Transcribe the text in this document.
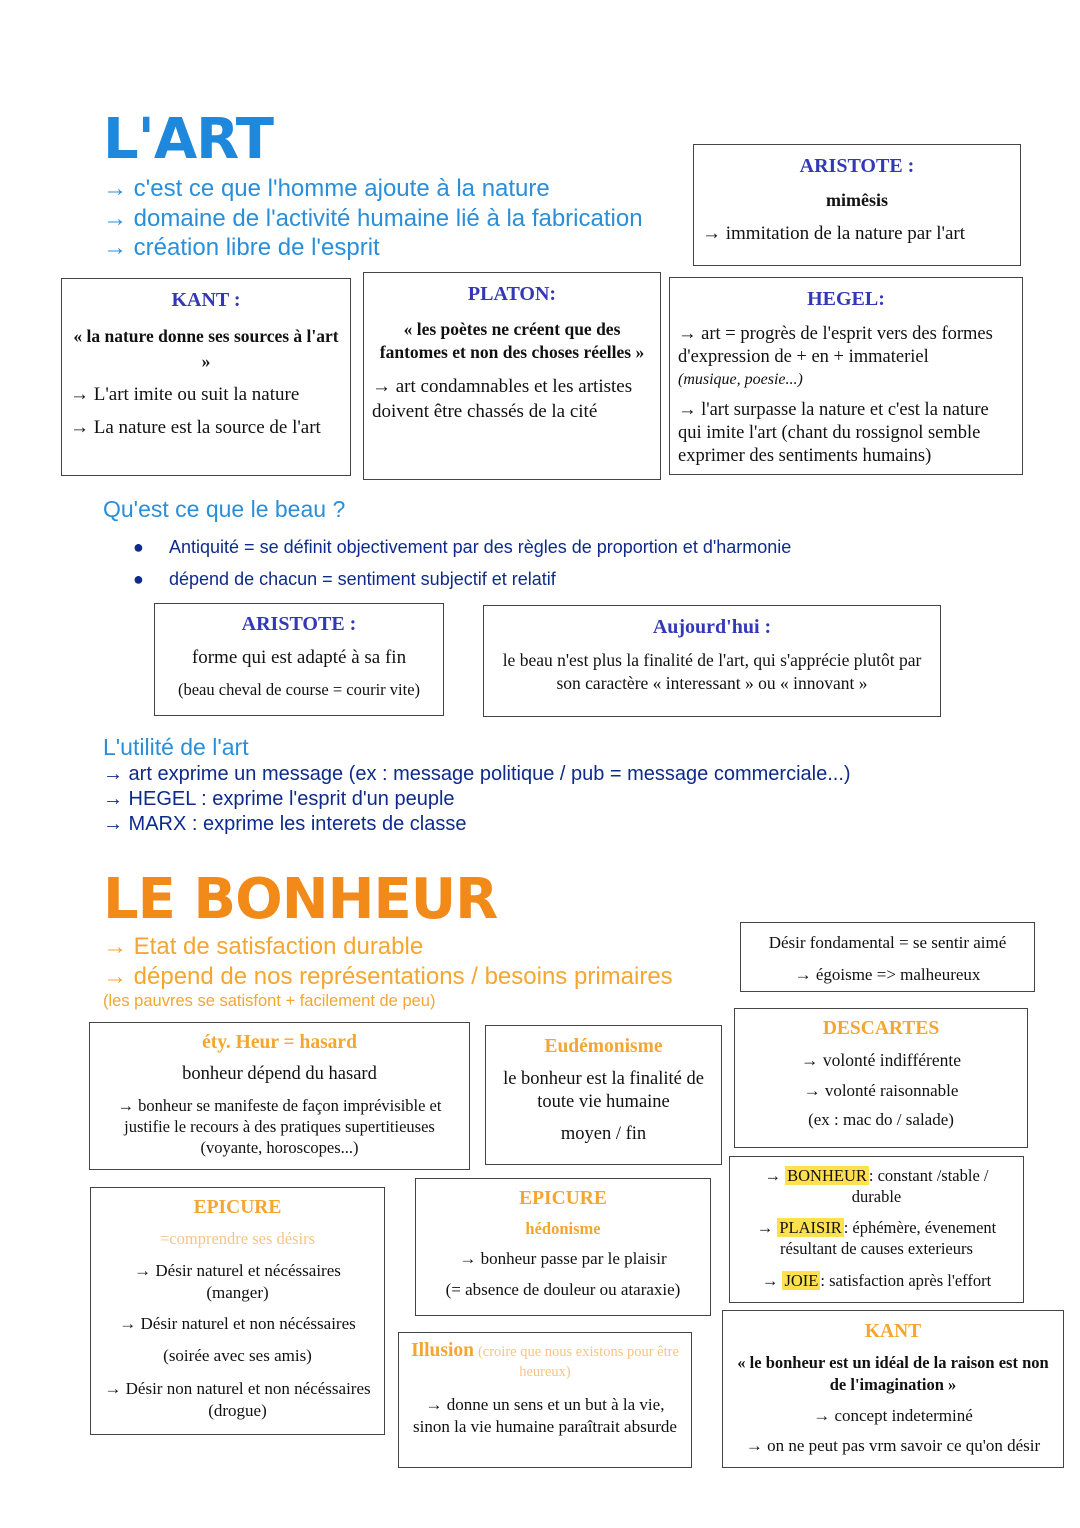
L'ART
→ c'est ce que l'homme ajoute à la nature
→ domaine de l'activité humaine lié à la fabrication
→ création libre de l'esprit
ARISTOTE :
mimêsis
→ immitation de la nature par l'art
KANT :
« la nature donne ses sources à l'art »
→ L'art imite ou suit la nature
→ La nature est la source de l'art
PLATON:
« les poètes ne créent que des fantomes et non des choses réelles »
→ art condamnables et les artistes doivent être chassés de la cité
HEGEL:
→ art = progrès de l'esprit vers des formes d'expression de + en + immateriel
(musique, poesie...)
→ l'art surpasse la nature et c'est la nature qui imite l'art (chant du rossignol semble exprimer des sentiments humains)
Qu'est ce que le beau ?
● Antiquité = se définit objectivement par des règles de proportion et d'harmonie
● dépend de chacun = sentiment subjectif et relatif
ARISTOTE :
forme qui est adapté à sa fin
(beau cheval de course = courir vite)
Aujourd'hui :
le beau n'est plus la finalité de l'art, qui s'apprécie plutôt par son caractère « interessant » ou « innovant »
L'utilité de l'art
→ art exprime un message (ex : message politique / pub = message commerciale...)
→ HEGEL : exprime l'esprit d'un peuple
→ MARX : exprime les interets de classe
LE BONHEUR
→ Etat de satisfaction durable
→ dépend de nos représentations / besoins primaires
(les pauvres se satisfont + facilement de peu)
Désir fondamental = se sentir aimé
→ égoisme => malheureux
éty. Heur = hasard
bonheur dépend du hasard
→ bonheur se manifeste de façon imprévisible et justifie le recours à des pratiques supertitieuses (voyante, horoscopes...)
Eudémonisme
le bonheur est la finalité de toute vie humaine
moyen / fin
DESCARTES
→ volonté indifférente
→ volonté raisonnable
(ex : mac do / salade)
→ BONHEUR : constant /stable / durable
→ PLAISIR : éphémère, évenement résultant de causes exterieurs
→ JOIE : satisfaction après l'effort
EPICURE
=comprendre ses désirs
→ Désir naturel et nécéssaires (manger)
→ Désir naturel et non nécéssaires
(soirée avec ses amis)
→ Désir non naturel et non nécéssaires (drogue)
EPICURE
hédonisme
→ bonheur passe par le plaisir
(= absence de douleur ou ataraxie)
Illusion (croire que nous existons pour être heureux)
→ donne un sens et un but à la vie, sinon la vie humaine paraîtrait absurde
KANT
« le bonheur est un idéal de la raison est non de l'imagination »
→ concept indeterminé
→ on ne peut pas vrm savoir ce qu'on désir
